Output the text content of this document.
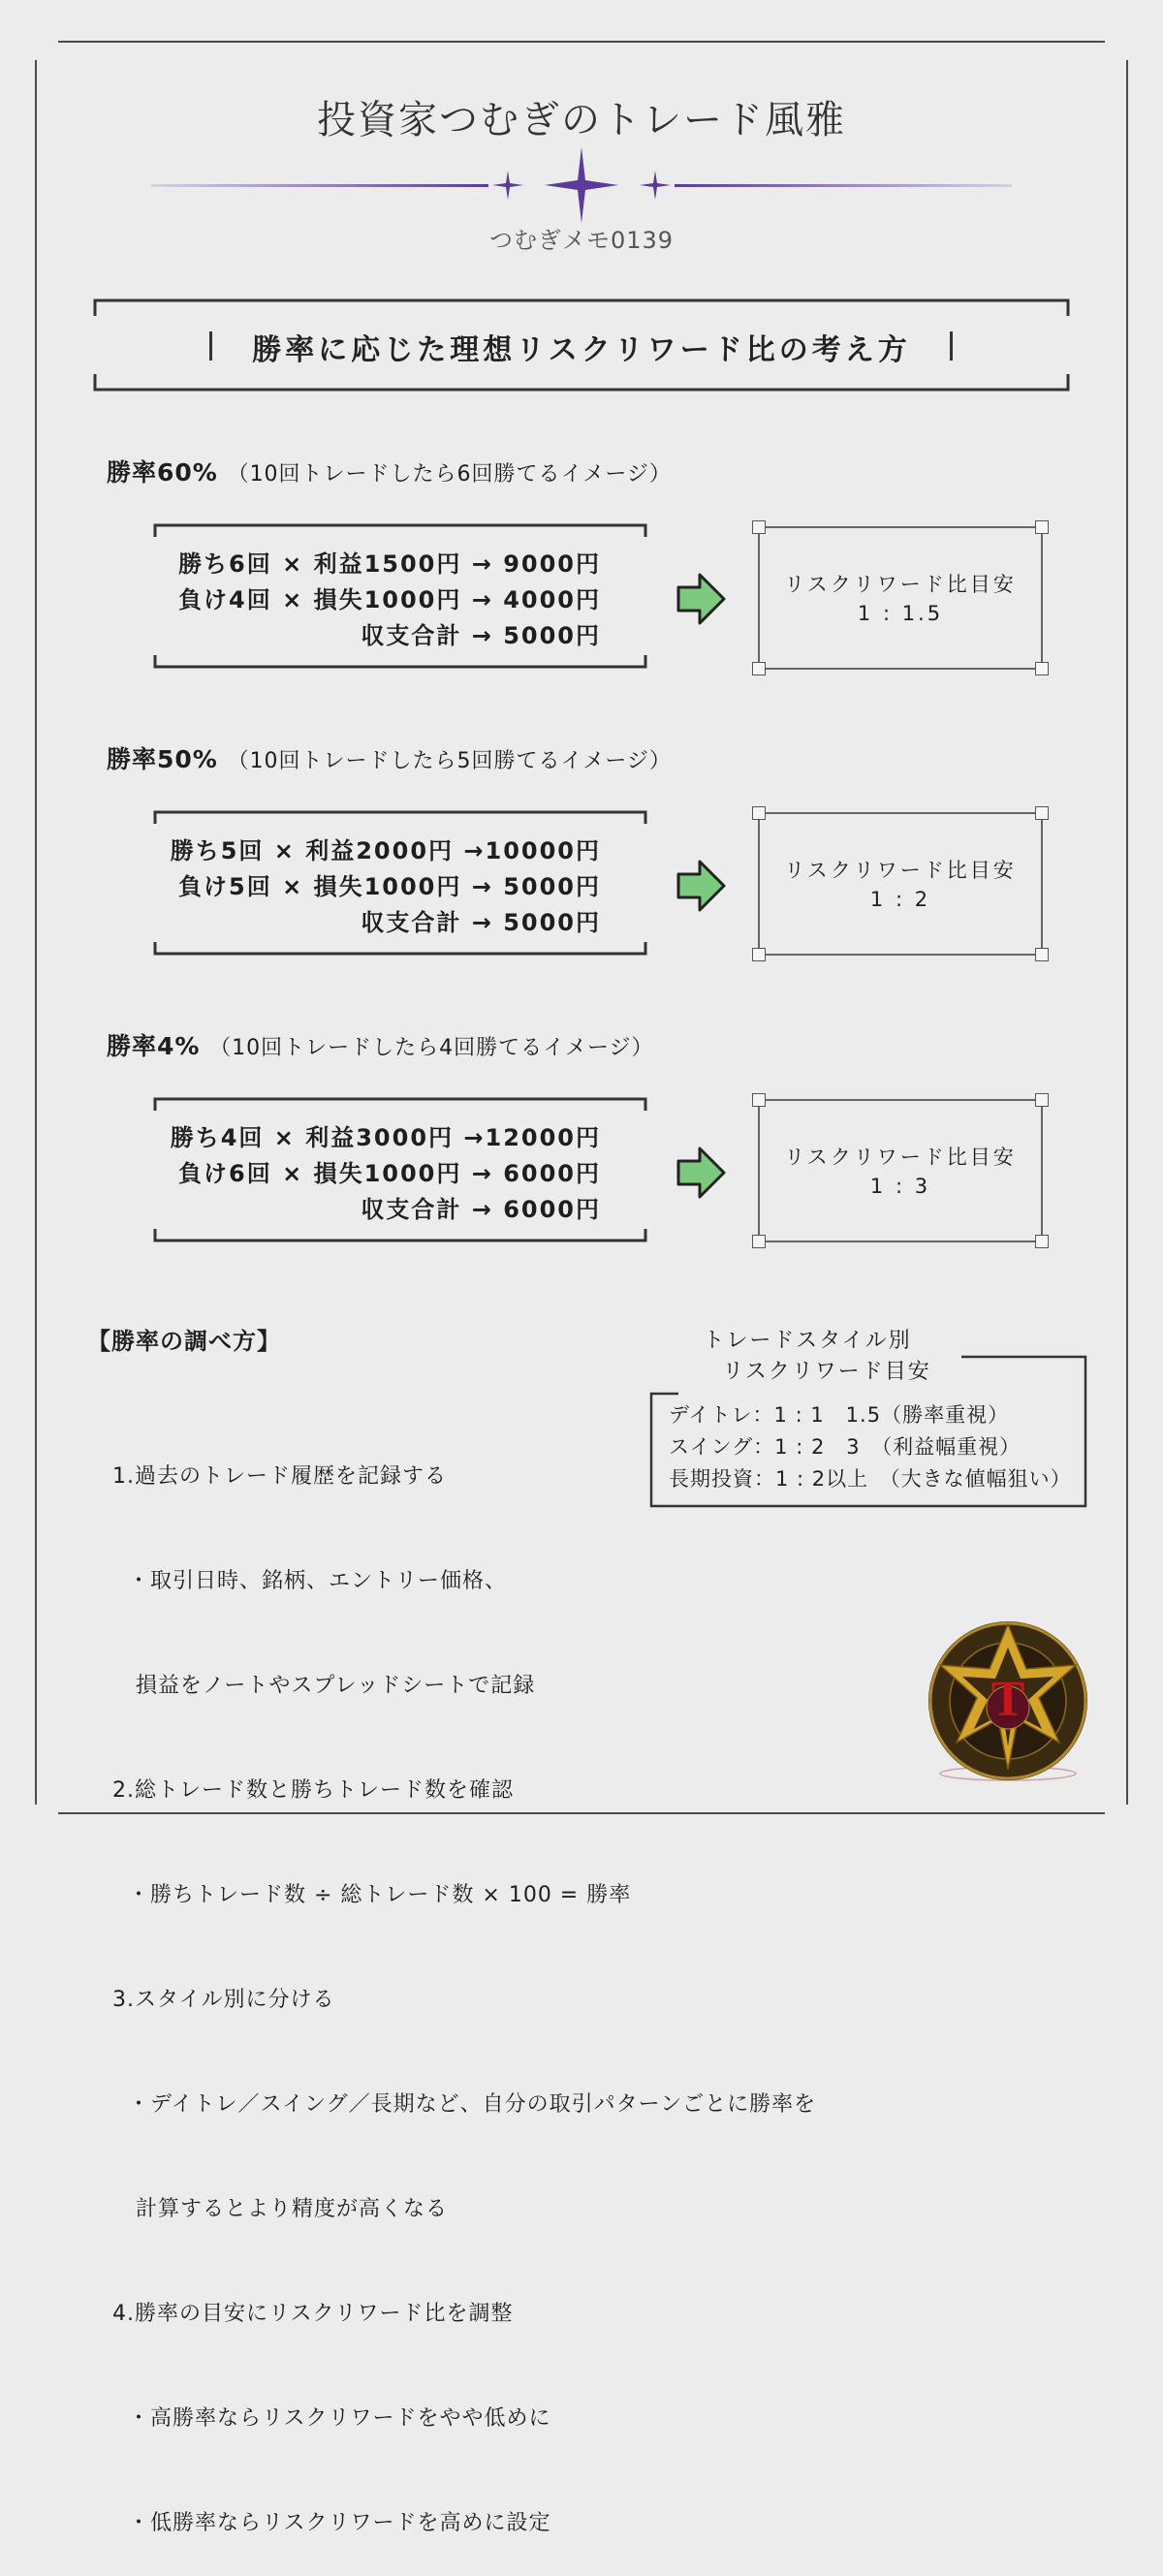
投資家つむぎのトレード風雅
つむぎメモ0139
勝率に応じた理想リスクリワード比の考え方
勝率60% （10回トレードしたら6回勝てるイメージ）
勝ち6回 × 利益1500円 → 9000円
負け4回 × 損失1000円 → 4000円
収支合計 → 5000円
リスクリワード比目安
1 : 1.5
勝率50% （10回トレードしたら5回勝てるイメージ）
勝ち5回 × 利益2000円 →10000円
負け5回 × 損失1000円 → 5000円
収支合計 → 5000円
リスクリワード比目安
1 : 2
勝率4% （10回トレードしたら4回勝てるイメージ）
勝ち4回 × 利益3000円 →12000円
負け6回 × 損失1000円 → 6000円
収支合計 → 6000円
リスクリワード比目安
1 : 3
【勝率の調べ方】

1.過去のトレード履歴を記録する

・取引日時、銘柄、エントリー価格、

損益をノートやスプレッドシートで記録

2.総トレード数と勝ちトレード数を確認

・勝ちトレード数 ÷ 総トレード数 × 100 = 勝率

3.スタイル別に分ける

・デイトレ／スイング／長期など、自分の取引パターンごとに勝率を

計算するとより精度が高くなる

4.勝率の目安にリスクリワード比を調整

・高勝率ならリスクリワードをやや低めに

・低勝率ならリスクリワードを高めに設定

トレードスタイル別
リスクリワード目安
デイトレ：1 : 1　1.5（勝率重視）
スイング：1 : 2　3　（利益幅重視）
長期投資：1 : 2以上　（大きな値幅狙い）
T
